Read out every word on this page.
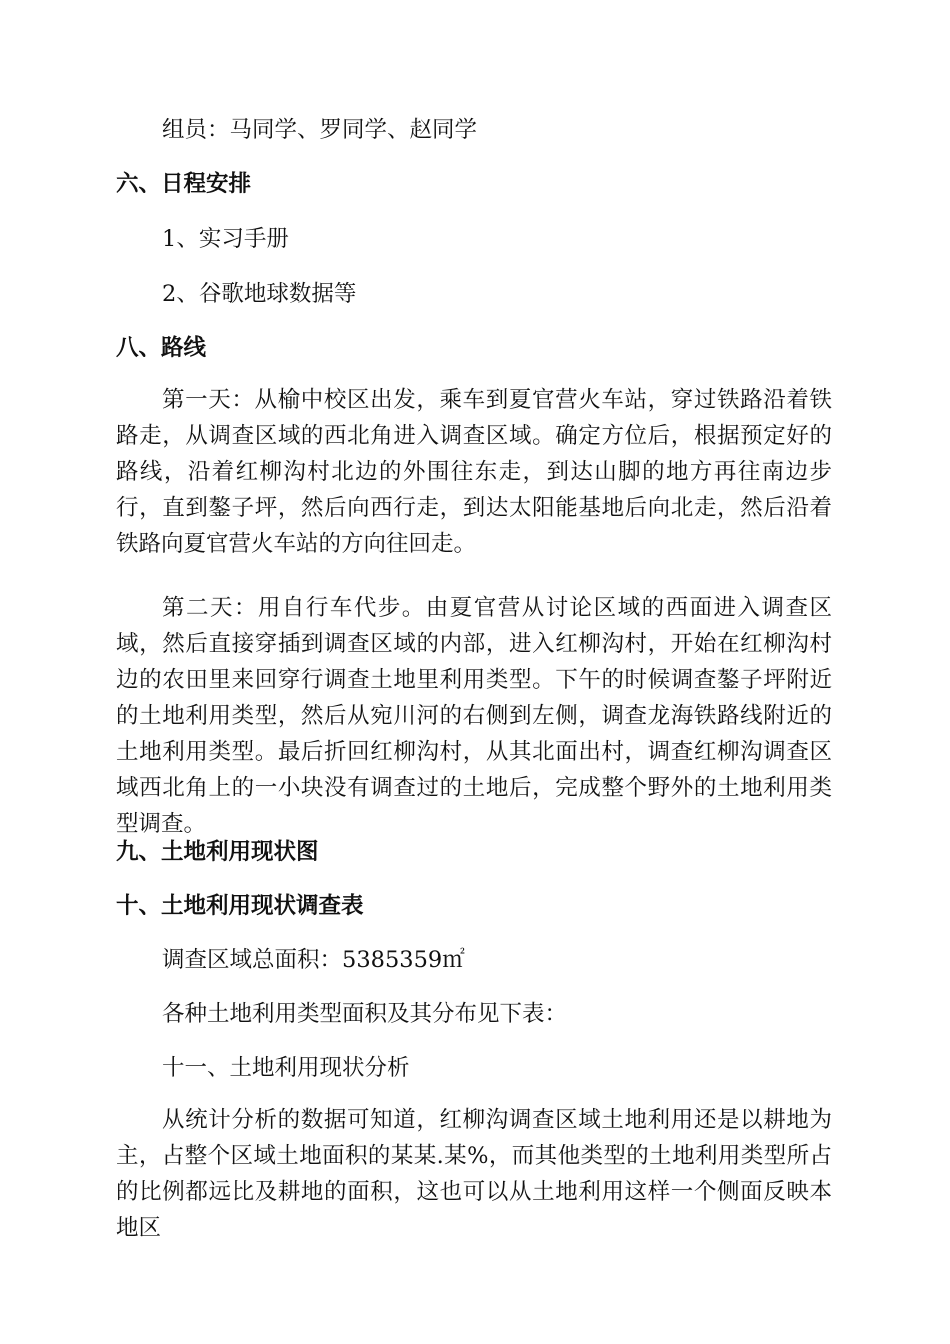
组员：马同学、罗同学、赵同学
六、日程安排
1、实习手册
2、谷歌地球数据等
八、路线
第一天：从榆中校区出发，乘车到夏官营火车站，穿过铁路沿着铁路走，从调查区域的西北角进入调查区域。确定方位后，根据预定好的路线，沿着红柳沟村北边的外围往东走，到达山脚的地方再往南边步行，直到鏊子坪，然后向西行走，到达太阳能基地后向北走，然后沿着铁路向夏官营火车站的方向往回走。
第二天：用自行车代步。由夏官营从讨论区域的西面进入调查区域，然后直接穿插到调查区域的内部，进入红柳沟村，开始在红柳沟村边的农田里来回穿行调查土地里利用类型。下午的时候调查鏊子坪附近的土地利用类型，然后从宛川河的右侧到左侧，调查龙海铁路线附近的土地利用类型。最后折回红柳沟村，从其北面出村，调查红柳沟调查区域西北角上的一小块没有调查过的土地后，完成整个野外的土地利用类型调查。
九、土地利用现状图
十、土地利用现状调查表
调查区域总面积：5385359㎡
各种土地利用类型面积及其分布见下表：
十一、土地利用现状分析
从统计分析的数据可知道，红柳沟调查区域土地利用还是以耕地为主，占整个区域土地面积的某某.某%，而其他类型的土地利用类型所占的比例都远比及耕地的面积，这也可以从土地利用这样一个侧面反映本地区
